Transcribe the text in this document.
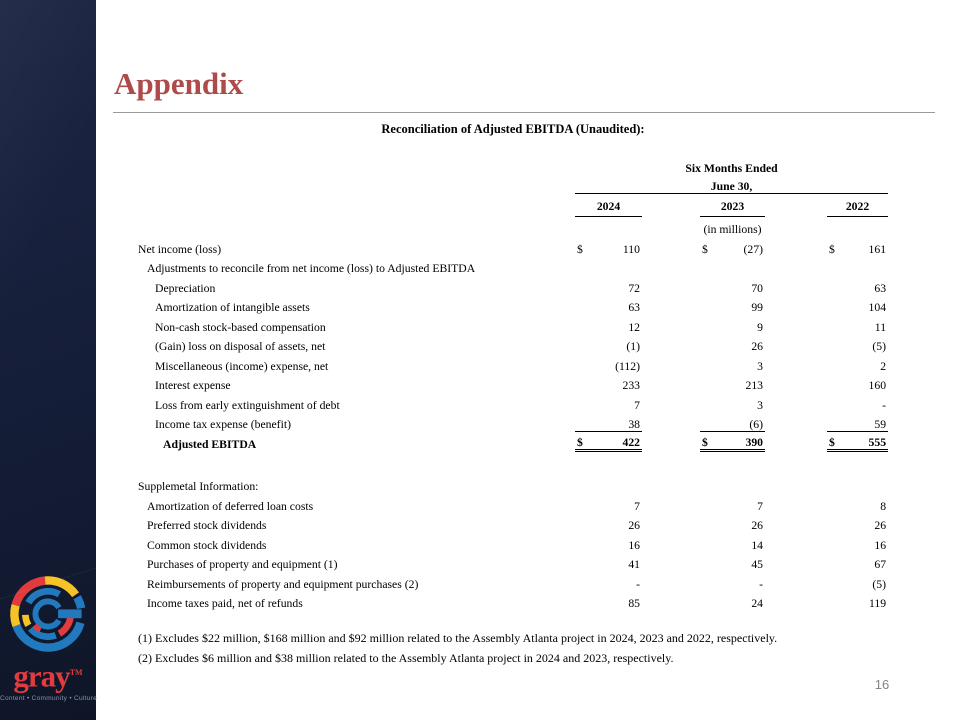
gray™
Content • Community • Culture
Appendix
Reconciliation of Adjusted EBITDA (Unaudited):
	Six Months Ended				
	June 30,				
	2024		2023		2022
			(in millions)		
Net income (loss)	$ 110		$ (27)		$ 161

Adjustments to reconcile from net income (loss) to Adjusted EBITDA					
Depreciation	72		70		63

Amortization of intangible assets	63		99		104

Non-cash stock-based compensation	12		9		11

(Gain) loss on disposal of assets, net	(1)		26		(5)

Miscellaneous (income) expense, net	(112)		3		2

Interest expense	233		213		160

Loss from early extinguishment of debt	7		3		-

Income tax expense (benefit)	38		(6)		59

Adjusted EBITDA	$ 422		$ 390		$ 555

Supplemetal Information:					
Amortization of deferred loan costs	7		7		8

Preferred stock dividends	26		26		26

Common stock dividends	16		14		16

Purchases of property and equipment (1)	41		45		67

Reimbursements of property and equipment purchases (2)	-		-		(5)

Income taxes paid, net of refunds	85		24		119
(1) Excludes $22 million, $168 million and $92 million related to the Assembly Atlanta project in 2024, 2023 and 2022, respectively.
(2) Excludes $6 million and $38 million related to the Assembly Atlanta project in 2024 and 2023, respectively.
16
